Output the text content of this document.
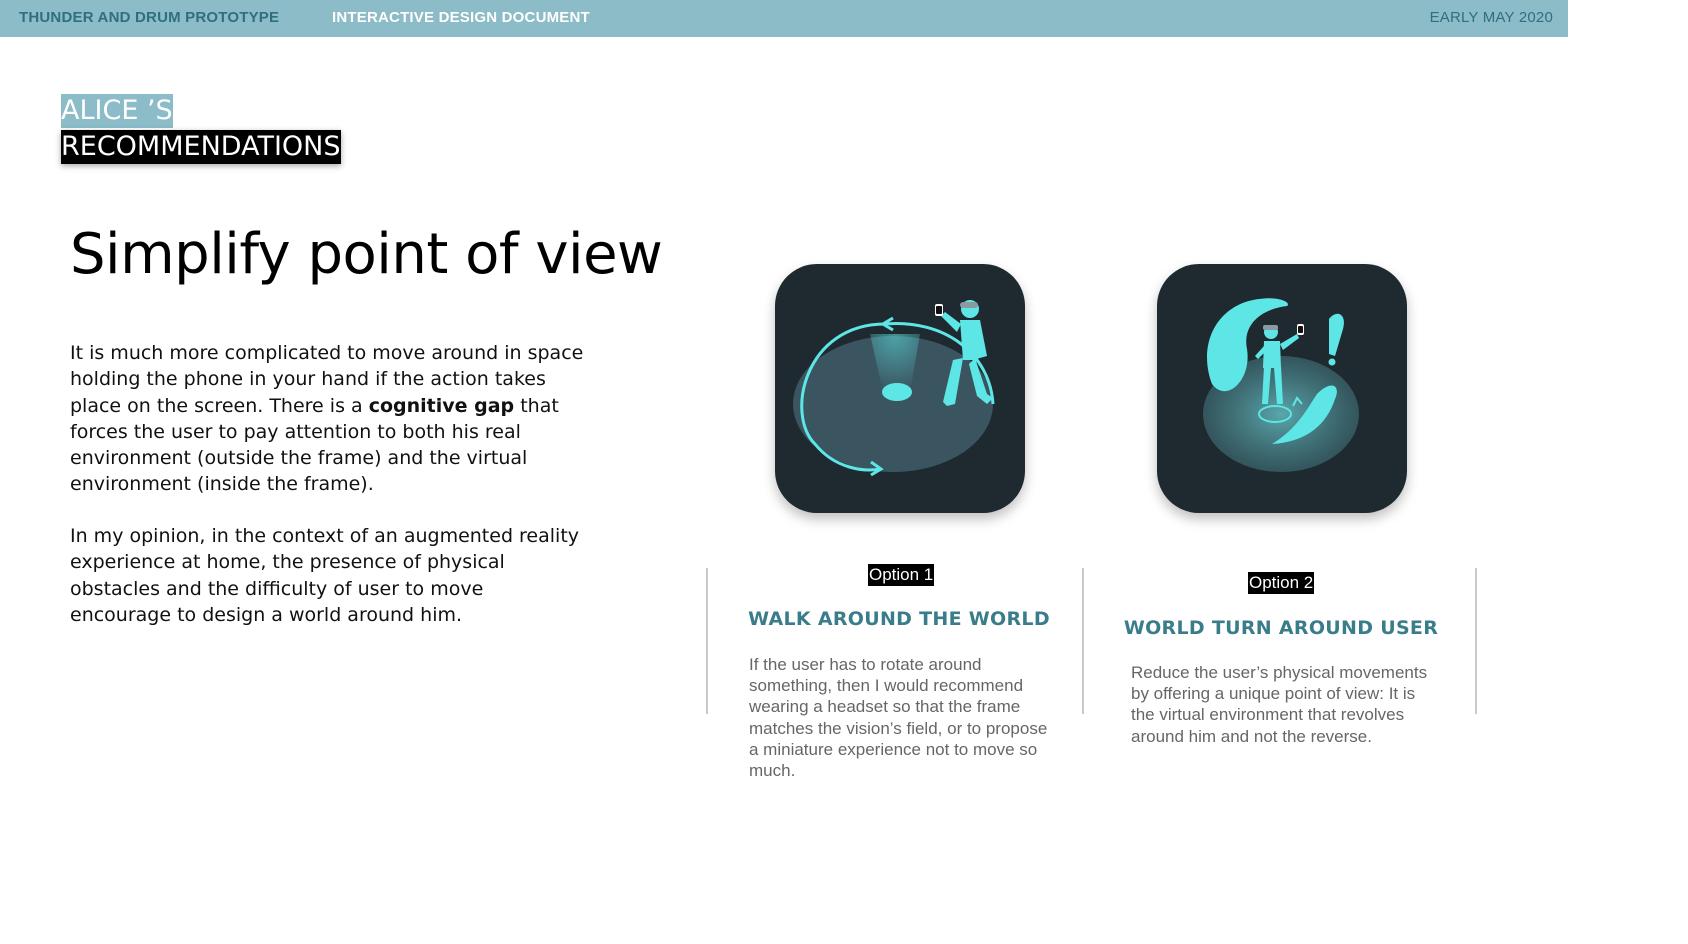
THUNDER AND DRUM PROTOTYPE	INTERACTIVE DESIGN DOCUMENT	EARLY MAY 2020
ALICE ’S
RECOMMENDATIONS
Simplify point of view

It is much more complicated to move around in space holding the phone in your hand if the action takes place on the screen. There is a cognitive gap that forces the user to pay attention to both his real environment (outside the frame) and the virtual environment (inside the frame).

In my opinion, in the context of an augmented reality experience at home, the presence of physical obstacles and the difficulty of user to move encourage to design a world around him.

Option 1
WALK AROUND THE WORLD

If the user has to rotate around something, then I would recommend wearing a headset so that the frame matches the vision’s field, or to propose a miniature experience not to move so much.

Option 2
WORLD TURN AROUND USER

Reduce the user’s physical movements by offering a unique point of view: It is the virtual environment that revolves around him and not the reverse.
